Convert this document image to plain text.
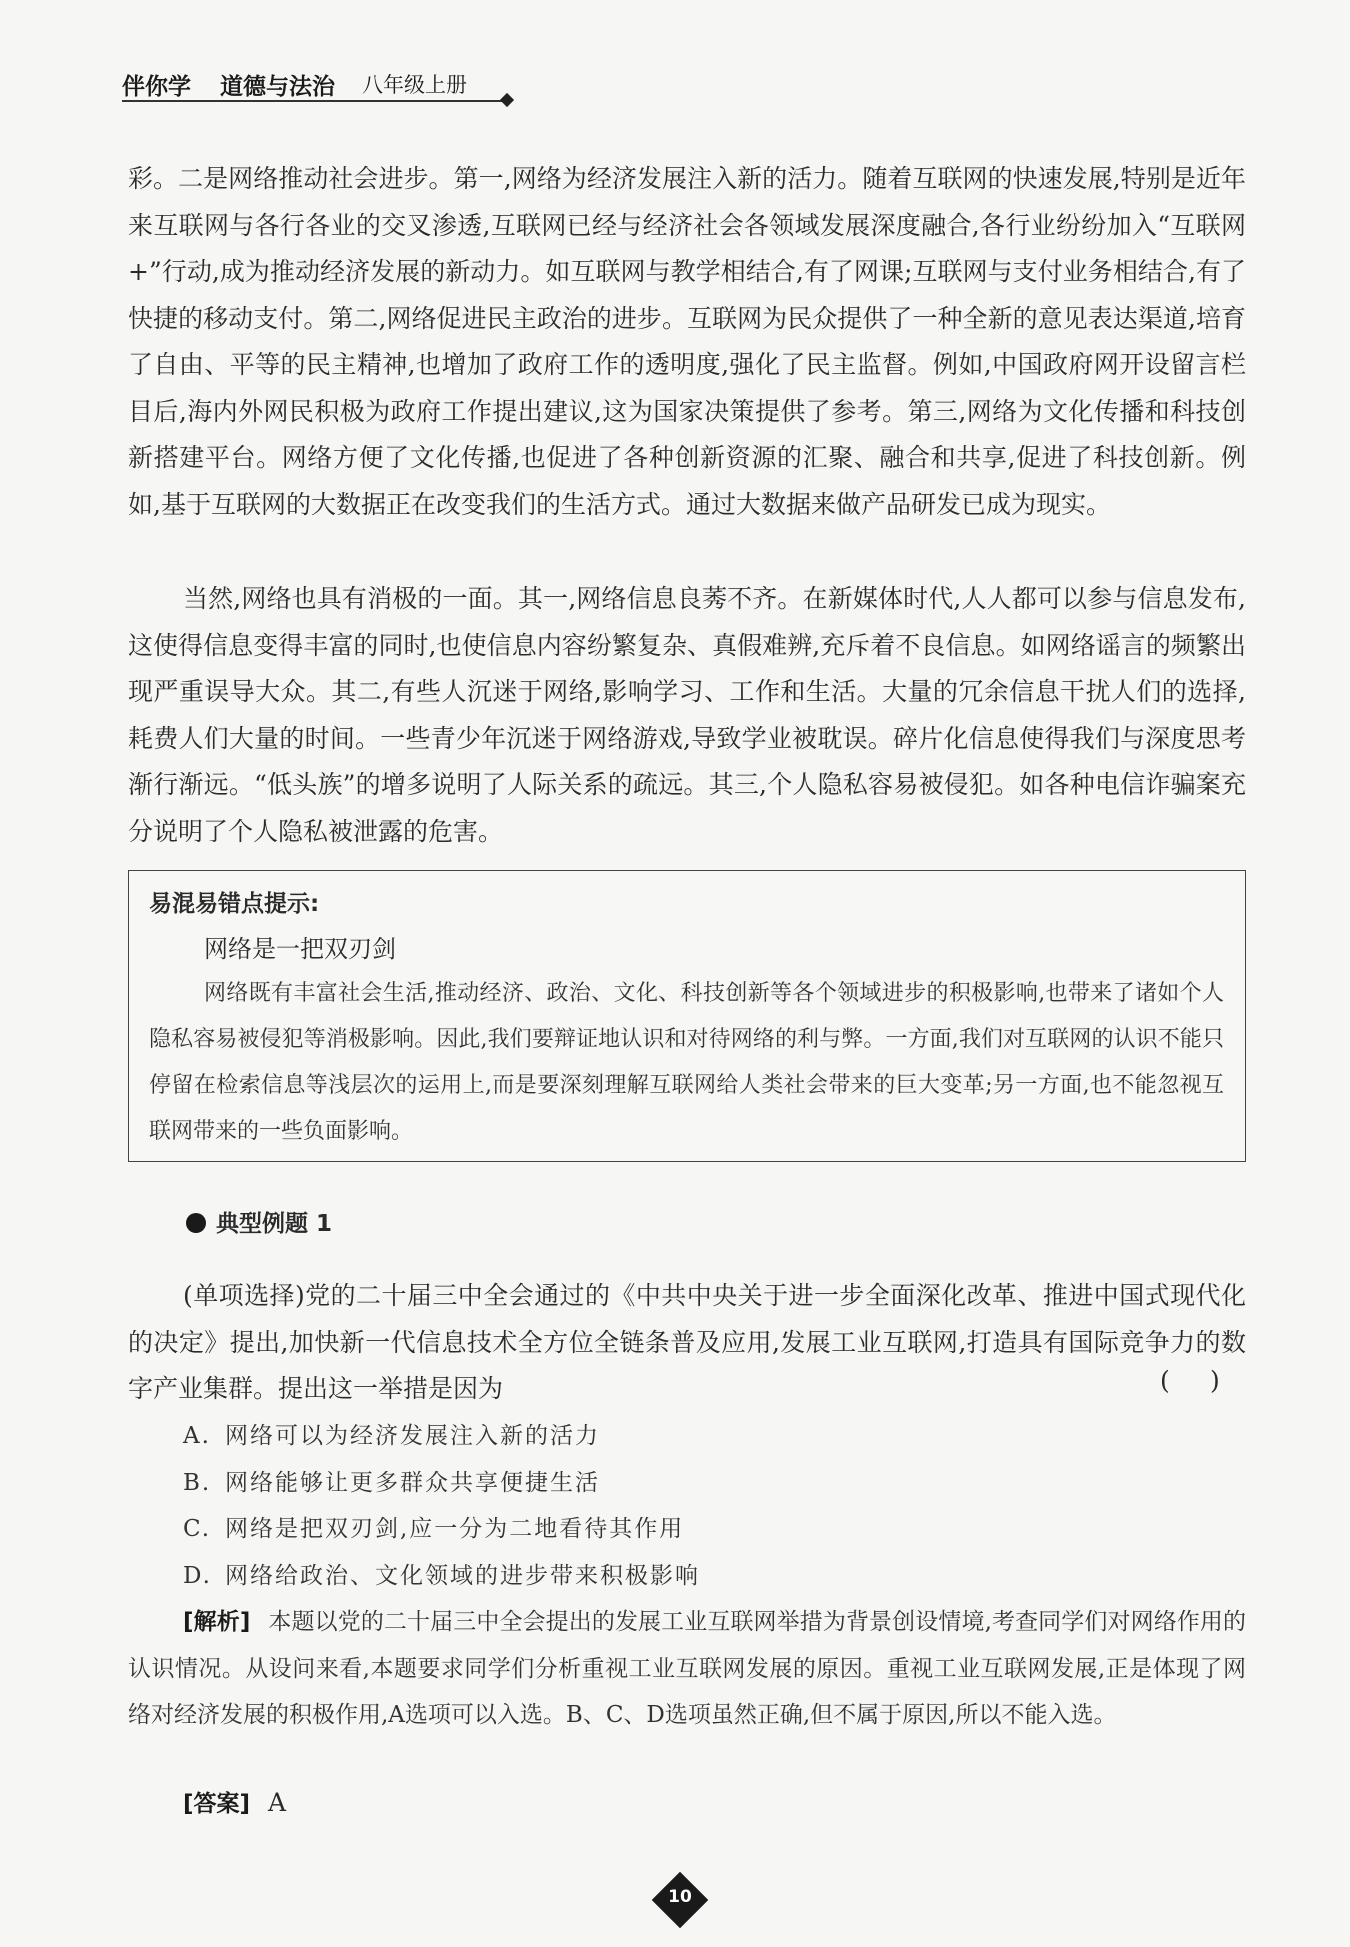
伴你学 道德与法治 八年级上册

彩。二是网络推动社会进步。第一,网络为经济发展注入新的活力。随着互联网的快速发展,特别是近年来互联网与各行各业的交叉渗透,互联网已经与经济社会各领域发展深度融合,各行业纷纷加入“互联网+”行动,成为推动经济发展的新动力。如互联网与教学相结合,有了网课;互联网与支付业务相结合,有了快捷的移动支付。第二,网络促进民主政治的进步。互联网为民众提供了一种全新的意见表达渠道,培育了自由、平等的民主精神,也增加了政府工作的透明度,强化了民主监督。例如,中国政府网开设留言栏目后,海内外网民积极为政府工作提出建议,这为国家决策提供了参考。第三,网络为文化传播和科技创新搭建平台。网络方便了文化传播,也促进了各种创新资源的汇聚、融合和共享,促进了科技创新。例如,基于互联网的大数据正在改变我们的生活方式。通过大数据来做产品研发已成为现实。

当然,网络也具有消极的一面。其一,网络信息良莠不齐。在新媒体时代,人人都可以参与信息发布,这使得信息变得丰富的同时,也使信息内容纷繁复杂、真假难辨,充斥着不良信息。如网络谣言的频繁出现严重误导大众。其二,有些人沉迷于网络,影响学习、工作和生活。大量的冗余信息干扰人们的选择,耗费人们大量的时间。一些青少年沉迷于网络游戏,导致学业被耽误。碎片化信息使得我们与深度思考渐行渐远。“低头族”的增多说明了人际关系的疏远。其三,个人隐私容易被侵犯。如各种电信诈骗案充分说明了个人隐私被泄露的危害。

易混易错点提示:
网络是一把双刃剑

网络既有丰富社会生活,推动经济、政治、文化、科技创新等各个领域进步的积极影响,也带来了诸如个人隐私容易被侵犯等消极影响。因此,我们要辩证地认识和对待网络的利与弊。一方面,我们对互联网的认识不能只停留在检索信息等浅层次的运用上,而是要深刻理解互联网给人类社会带来的巨大变革;另一方面,也不能忽视互联网带来的一些负面影响。

典型例题 1

(单项选择)党的二十届三中全会通过的《中共中央关于进一步全面深化改革、推进中国式现代化的决定》提出,加快新一代信息技术全方位全链条普及应用,发展工业互联网,打造具有国际竞争力的数字产业集群。提出这一举措是因为	( )
A. 网络可以为经济发展注入新的活力
B. 网络能够让更多群众共享便捷生活
C. 网络是把双刃剑,应一分为二地看待其作用
D. 网络给政治、文化领域的进步带来积极影响

[解析] 本题以党的二十届三中全会提出的发展工业互联网举措为背景创设情境,考查同学们对网络作用的认识情况。从设问来看,本题要求同学们分析重视工业互联网发展的原因。重视工业互联网发展,正是体现了网络对经济发展的积极作用,A选项可以入选。B、C、D选项虽然正确,但不属于原因,所以不能入选。

[答案] A
10
